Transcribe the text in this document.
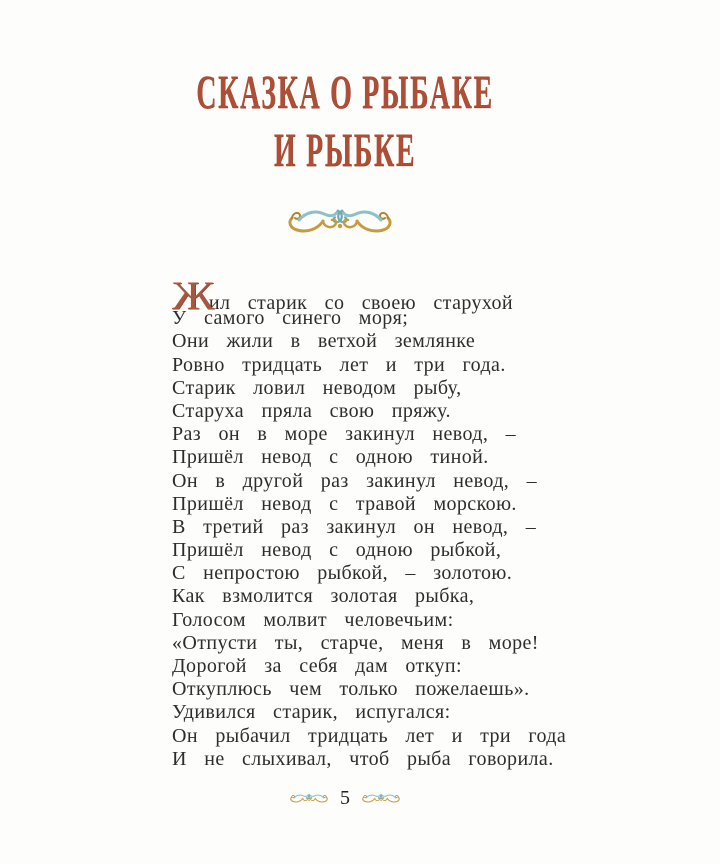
СКАЗКА О РЫБАКЕ
И РЫБКЕ
Жил старик со своею старухой
У самого синего моря;
Они жили в ветхой землянке
Ровно тридцать лет и три года.
Старик ловил неводом рыбу,
Старуха пряла свою пряжу.
Раз он в море закинул невод, –
Пришёл невод с одною тиной.
Он в другой раз закинул невод, –
Пришёл невод с травой морскою.
В третий раз закинул он невод, –
Пришёл невод с одною рыбкой,
С непростою рыбкой, – золотою.
Как взмолится золотая рыбка,
Голосом молвит человечьим:
«Отпусти ты, старче, меня в море!
Дорогой за себя дам откуп:
Откуплюсь чем только пожелаешь».
Удивился старик, испугался:
Он рыбачил тридцать лет и три года
И не слыхивал, чтоб рыба говорила.
5
